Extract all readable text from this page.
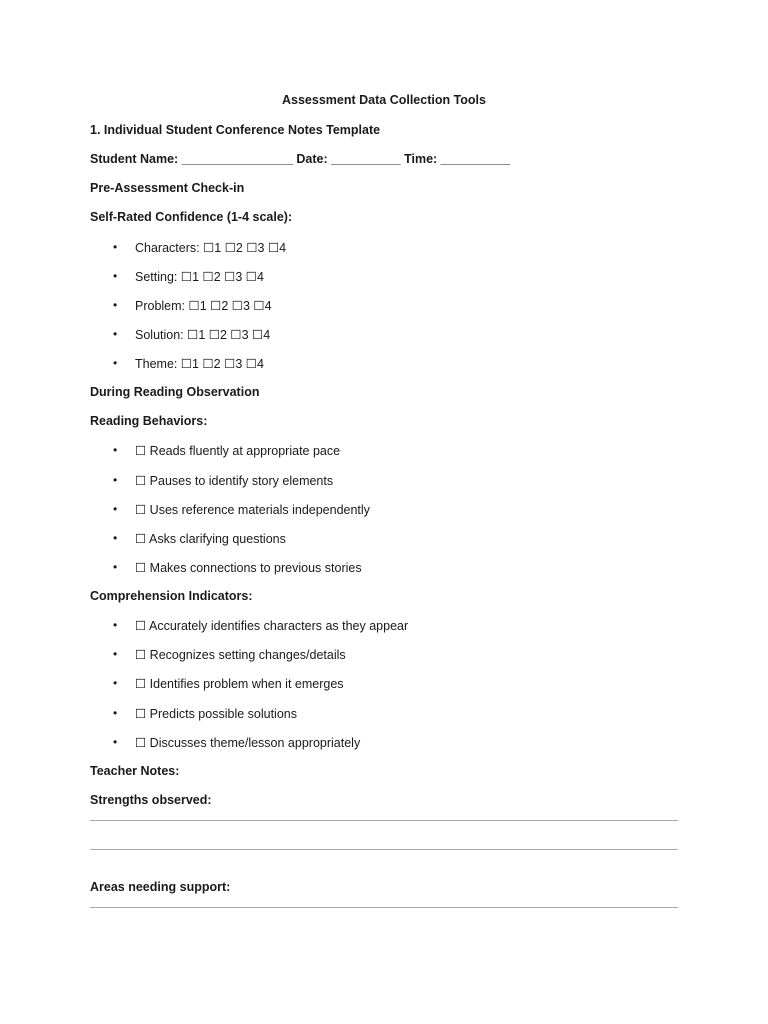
Assessment Data Collection Tools
1. Individual Student Conference Notes Template
Student Name: ________________ Date: __________ Time: __________
Pre-Assessment Check-in
Self-Rated Confidence (1-4 scale):
• Characters: ☐1 ☐2 ☐3 ☐4
• Setting: ☐1 ☐2 ☐3 ☐4
• Problem: ☐1 ☐2 ☐3 ☐4
• Solution: ☐1 ☐2 ☐3 ☐4
• Theme: ☐1 ☐2 ☐3 ☐4
During Reading Observation
Reading Behaviors:
• ☐ Reads fluently at appropriate pace
• ☐ Pauses to identify story elements
• ☐ Uses reference materials independently
• ☐ Asks clarifying questions
• ☐ Makes connections to previous stories
Comprehension Indicators:
• ☐ Accurately identifies characters as they appear
• ☐ Recognizes setting changes/details
• ☐ Identifies problem when it emerges
• ☐ Predicts possible solutions
• ☐ Discusses theme/lesson appropriately
Teacher Notes:
Strengths observed:
Areas needing support:
